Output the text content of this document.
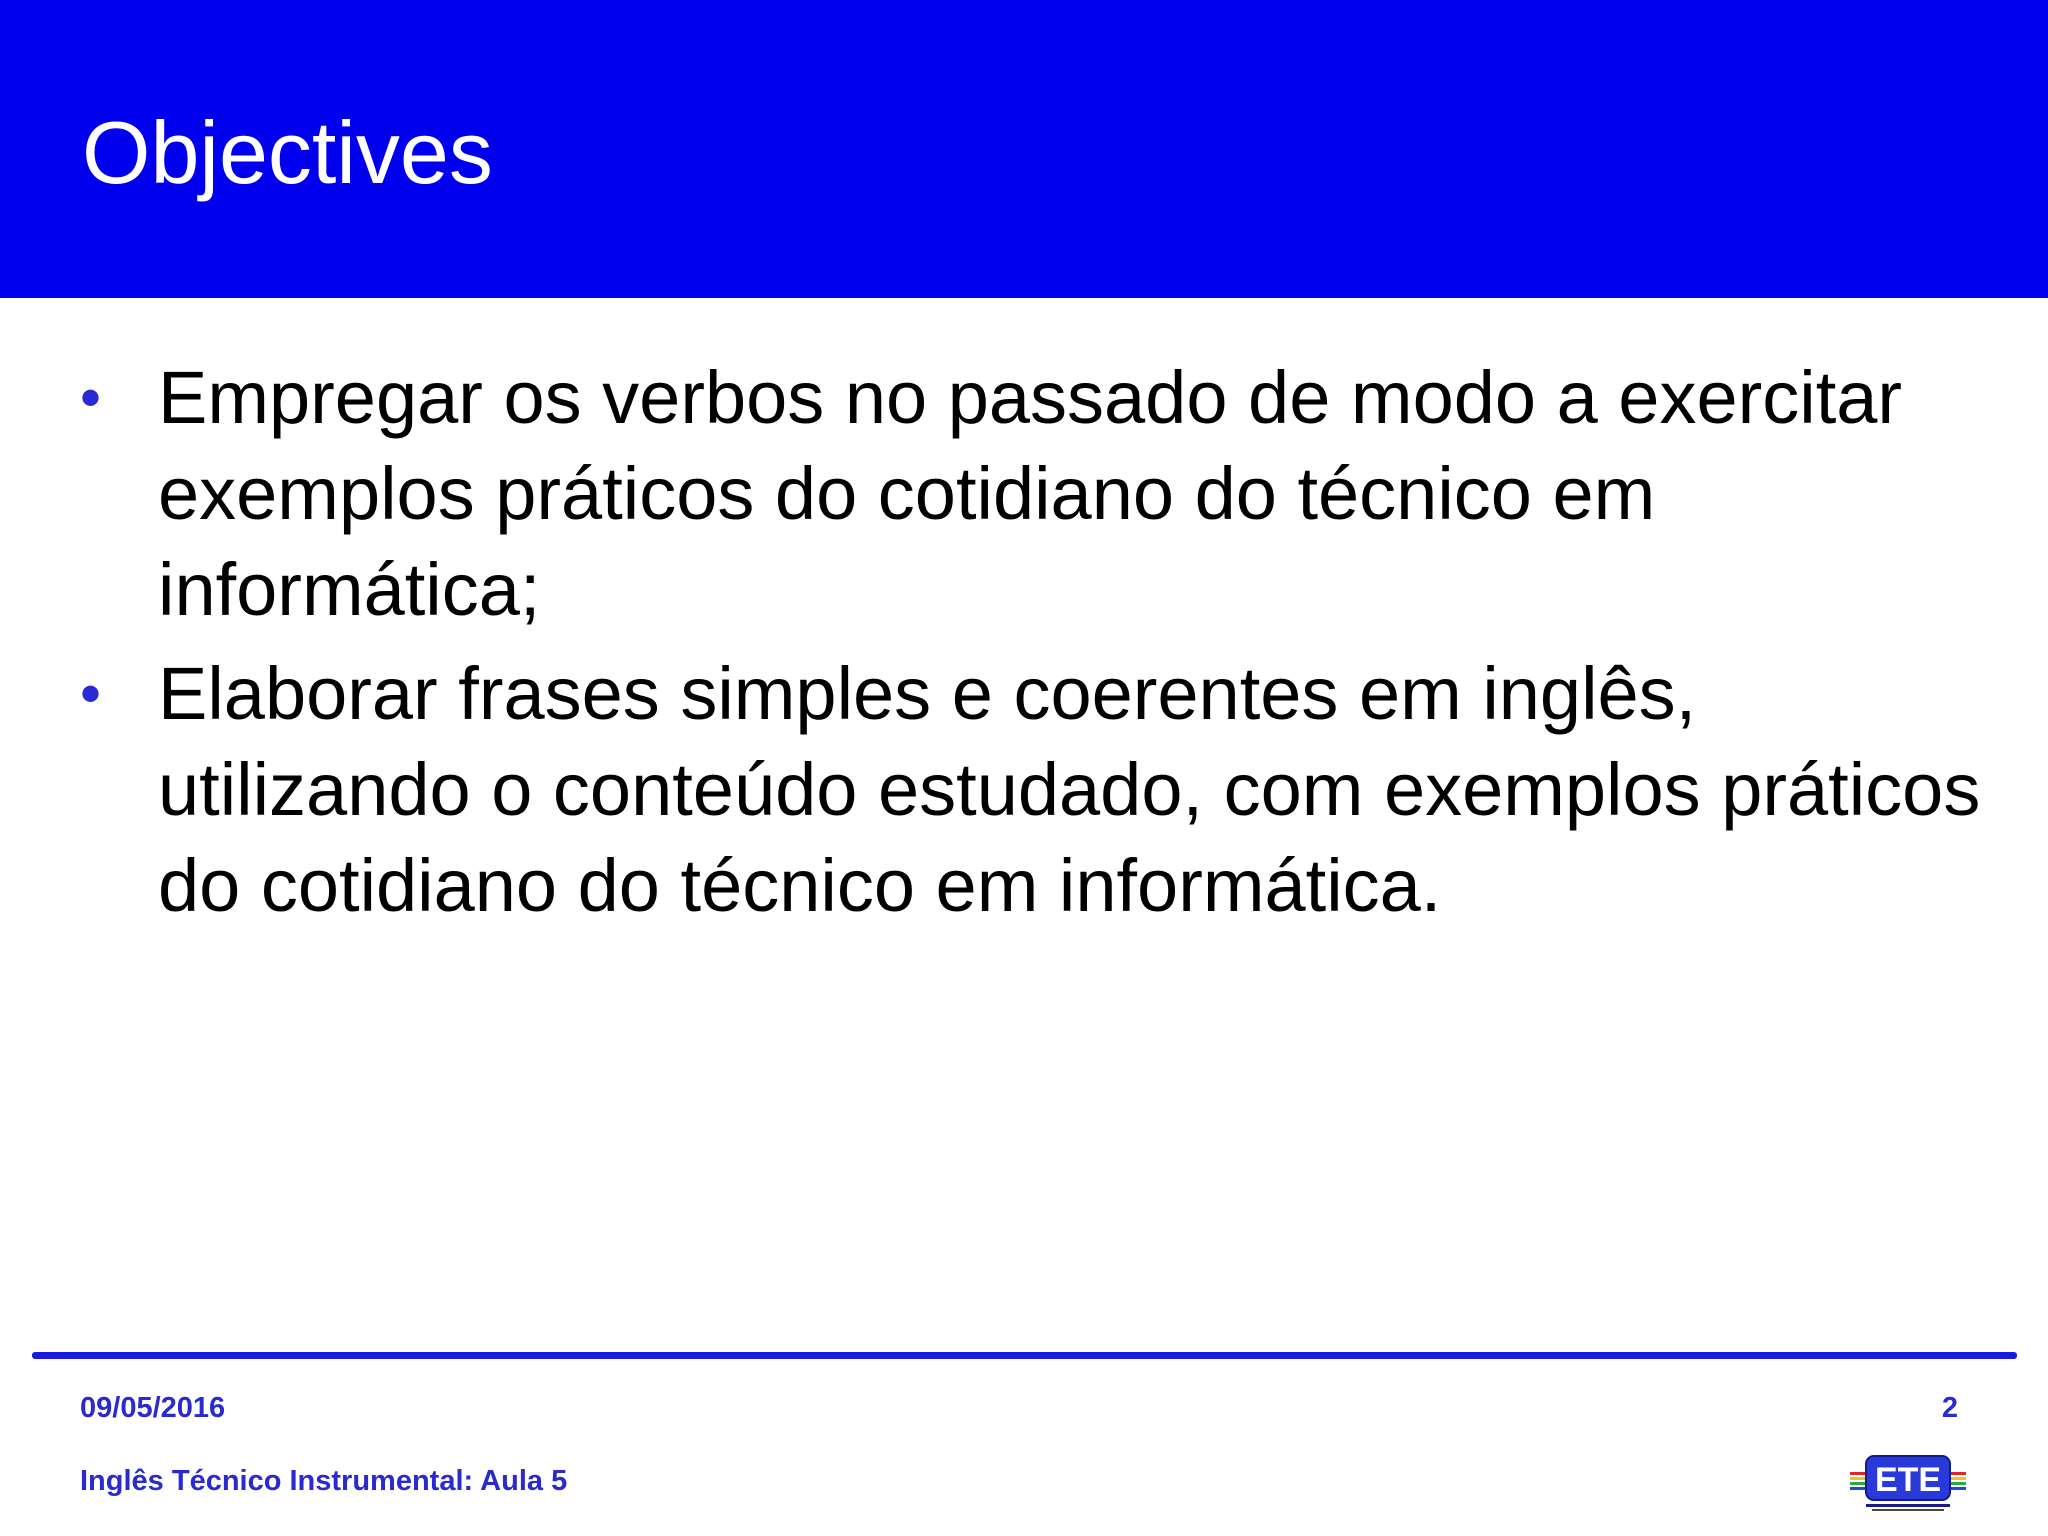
Objectives
• Empregar os verbos no passado de modo a exercitar exemplos práticos do cotidiano do técnico em informática;
• Elaborar frases simples e coerentes em inglês, utilizando o conteúdo estudado, com exemplos práticos do cotidiano do técnico em informática.
09/05/2016	2
Inglês Técnico Instrumental: Aula 5	ETE
